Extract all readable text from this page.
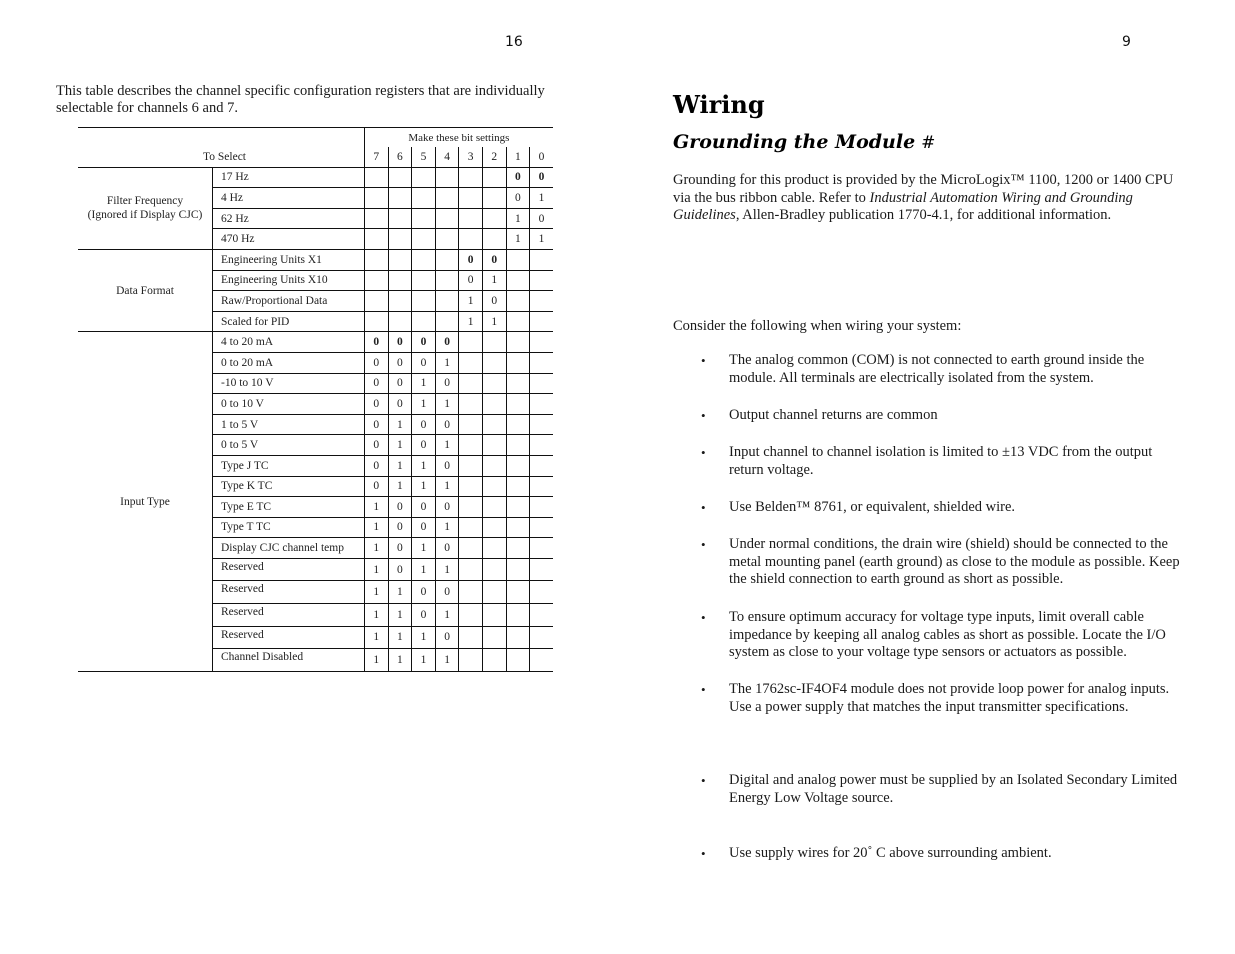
16
This table describes the channel specific configuration registers that are individually selectable for channels 6 and 7.
		Make these bit settings							
To Select		7	6	5	4	3	2	1	0

Filter Frequency
(Ignored if Display CJC)	17 Hz							0	0
	4 Hz							0	1
	62 Hz							1	0
	470 Hz							1	1

Data Format	Engineering Units X1					0	0		
	Engineering Units X10					0	1		
	Raw/Proportional Data					1	0		
	Scaled for PID					1	1		

Input Type	4 to 20 mA	0	0	0	0				
	0 to 20 mA	0	0	0	1				
	-10 to 10 V	0	0	1	0				
	0 to 10 V	0	0	1	1				
	1 to 5 V	0	1	0	0				
	0 to 5 V	0	1	0	1				
	Type J TC	0	1	1	0				
	Type K TC	0	1	1	1				
	Type E TC	1	0	0	0				
	Type T TC	1	0	0	1				
	Display CJC channel temp	1	0	1	0				
	Reserved	1	0	1	1				
	Reserved	1	1	0	0				
	Reserved	1	1	0	1				
	Reserved	1	1	1	0				
	Channel Disabled	1	1	1	1				
9
Wiring
Grounding the Module #
Grounding for this product is provided by the MicroLogix™ 1100, 1200 or 1400 CPU via the bus ribbon cable. Refer to Industrial Automation Wiring and Grounding Guidelines, Allen-Bradley publication 1770-4.1, for additional information.
Consider the following when wiring your system:
• The analog common (COM) is not connected to earth ground inside the module. All terminals are electrically isolated from the system.
• Output channel returns are common
• Input channel to channel isolation is limited to ±13 VDC from the output return voltage.
• Use Belden™ 8761, or equivalent, shielded wire.
• Under normal conditions, the drain wire (shield) should be connected to the metal mounting panel (earth ground) as close to the module as possible. Keep the shield connection to earth ground as short as possible.
• To ensure optimum accuracy for voltage type inputs, limit overall cable impedance by keeping all analog cables as short as possible. Locate the I/O system as close to your voltage type sensors or actuators as possible.
• The 1762sc-IF4OF4 module does not provide loop power for analog inputs. Use a power supply that matches the input transmitter specifications.
• Digital and analog power must be supplied by an Isolated Secondary Limited Energy Low Voltage source.
• Use supply wires for 20˚ C above surrounding ambient.
